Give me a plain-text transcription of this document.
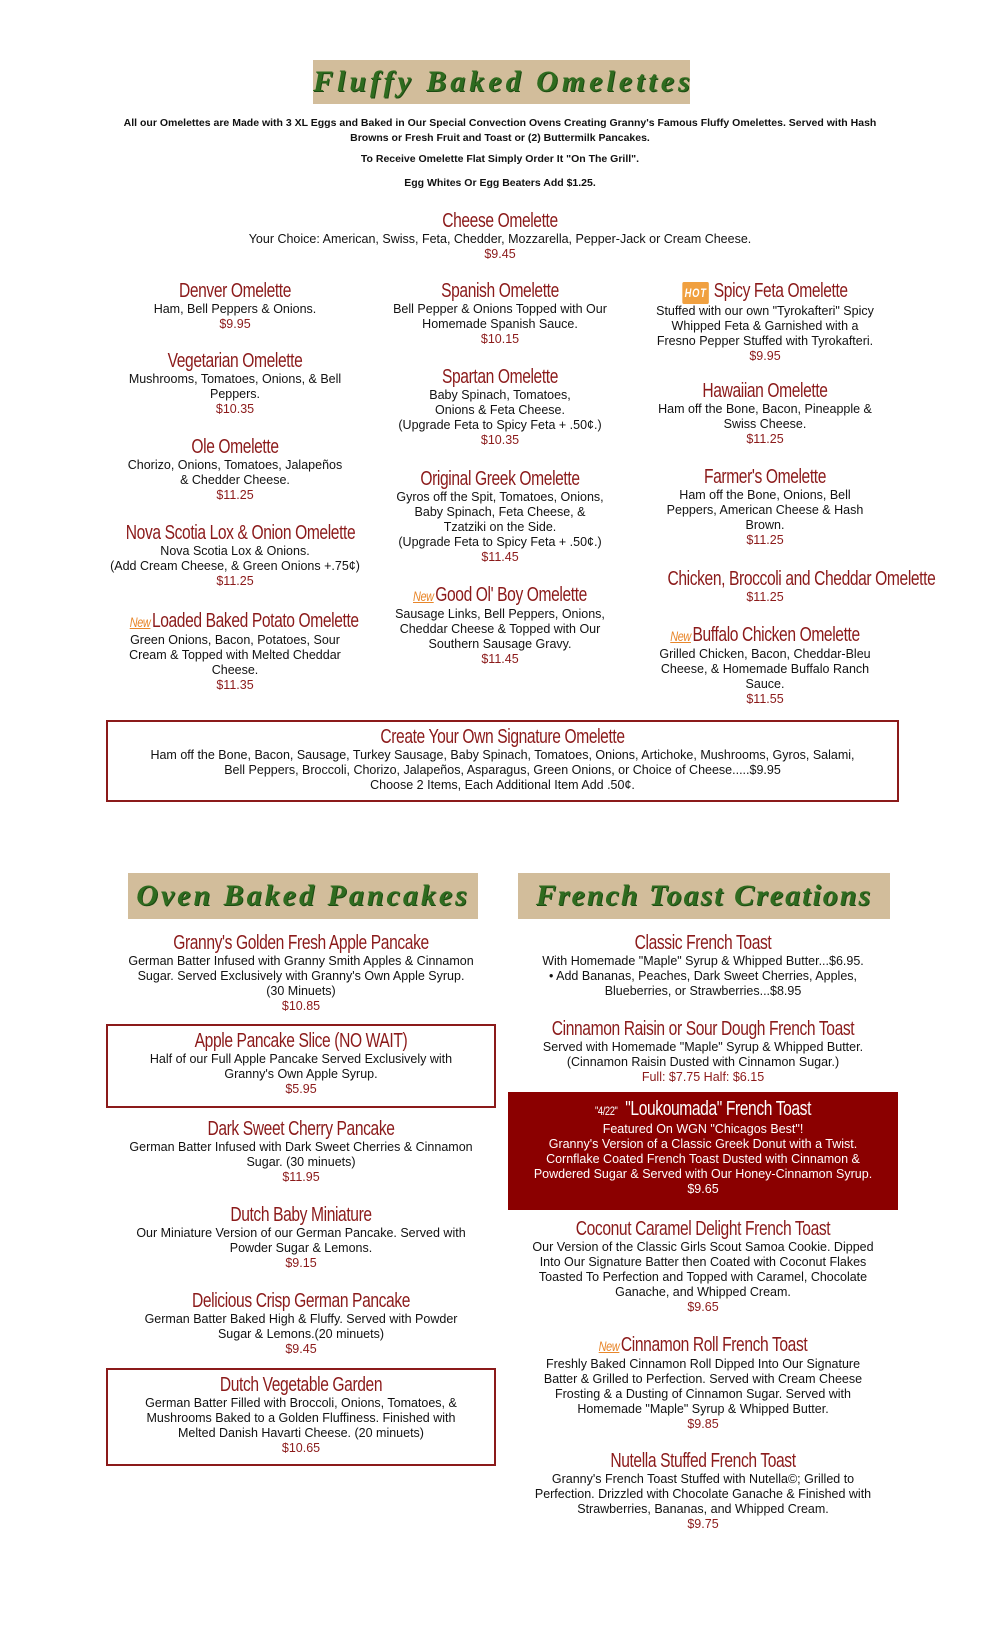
Fluffy Baked Omelettes
All our Omelettes are Made with 3 XL Eggs and Baked in Our Special Convection Ovens Creating Granny's Famous Fluffy Omelettes. Served with Hash Browns or Fresh Fruit and Toast or (2) Buttermilk Pancakes.
To Receive Omelette Flat Simply Order It "On The Grill".
Egg Whites Or Egg Beaters Add $1.25.
Cheese Omelette
Your Choice: American, Swiss, Feta, Chedder, Mozzarella, Pepper-Jack or Cream Cheese.
$9.45
Denver Omelette
Ham, Bell Peppers & Onions.
$9.95
Vegetarian Omelette
Mushrooms, Tomatoes, Onions, & Bell
Peppers.
$10.35
Ole Omelette
Chorizo, Onions, Tomatoes, Jalapeños
& Chedder Cheese.
$11.25
Nova Scotia Lox & Onion Omelette
Nova Scotia Lox & Onions.
(Add Cream Cheese, & Green Onions +.75¢)
$11.25
NewLoaded Baked Potato Omelette
Green Onions, Bacon, Potatoes, Sour
Cream & Topped with Melted Cheddar
Cheese.
$11.35
Spanish Omelette
Bell Pepper & Onions Topped with Our
Homemade Spanish Sauce.
$10.15
Spartan Omelette
Baby Spinach, Tomatoes,
Onions & Feta Cheese.
(Upgrade Feta to Spicy Feta + .50¢.)
$10.35
Original Greek Omelette
Gyros off the Spit, Tomatoes, Onions,
Baby Spinach, Feta Cheese, &
Tzatziki on the Side.
(Upgrade Feta to Spicy Feta + .50¢.)
$11.45
NewGood Ol' Boy Omelette
Sausage Links, Bell Peppers, Onions,
Cheddar Cheese & Topped with Our
Southern Sausage Gravy.
$11.45
HOT Spicy Feta Omelette
Stuffed with our own "Tyrokafteri" Spicy
Whipped Feta & Garnished with a
Fresno Pepper Stuffed with Tyrokafteri.
$9.95
Hawaiian Omelette
Ham off the Bone, Bacon, Pineapple &
Swiss Cheese.
$11.25
Farmer's Omelette
Ham off the Bone, Onions, Bell
Peppers, American Cheese & Hash
Brown.
$11.25
Chicken, Broccoli and Cheddar Omelette
$11.25
NewBuffalo Chicken Omelette
Grilled Chicken, Bacon, Cheddar-Bleu
Cheese, & Homemade Buffalo Ranch
Sauce.
$11.55
Create Your Own Signature Omelette
Ham off the Bone, Bacon, Sausage, Turkey Sausage, Baby Spinach, Tomatoes, Onions, Artichoke, Mushrooms, Gyros, Salami,
Bell Peppers, Broccoli, Chorizo, Jalapeños, Asparagus, Green Onions, or Choice of Cheese.....$9.95
Choose 2 Items, Each Additional Item Add .50¢.
Oven Baked Pancakes	French Toast Creations
Granny's Golden Fresh Apple Pancake
German Batter Infused with Granny Smith Apples & Cinnamon
Sugar. Served Exclusively with Granny's Own Apple Syrup.
(30 Minuets)
$10.85
Apple Pancake Slice (NO WAIT)
Half of our Full Apple Pancake Served Exclusively with
Granny's Own Apple Syrup.
$5.95
Dark Sweet Cherry Pancake
German Batter Infused with Dark Sweet Cherries & Cinnamon
Sugar. (30 minuets)
$11.95
Dutch Baby Miniature
Our Miniature Version of our German Pancake. Served with
Powder Sugar & Lemons.
$9.15
Delicious Crisp German Pancake
German Batter Baked High & Fluffy. Served with Powder
Sugar & Lemons.(20 minuets)
$9.45
Dutch Vegetable Garden
German Batter Filled with Broccoli, Onions, Tomatoes, &
Mushrooms Baked to a Golden Fluffiness. Finished with
Melted Danish Havarti Cheese. (20 minuets)
$10.65
Classic French Toast
With Homemade "Maple" Syrup & Whipped Butter...$6.95.
• Add Bananas, Peaches, Dark Sweet Cherries, Apples,
Blueberries, or Strawberries...$8.95
Cinnamon Raisin or Sour Dough French Toast
Served with Homemade "Maple" Syrup & Whipped Butter.
(Cinnamon Raisin Dusted with Cinnamon Sugar.)
Full: $7.75 Half: $6.15
"4/22" "Loukoumada" French Toast
Featured On WGN "Chicagos Best"!
Granny's Version of a Classic Greek Donut with a Twist.
Cornflake Coated French Toast Dusted with Cinnamon &
Powdered Sugar & Served with Our Honey-Cinnamon Syrup.
$9.65
Coconut Caramel Delight French Toast
Our Version of the Classic Girls Scout Samoa Cookie. Dipped
Into Our Signature Batter then Coated with Coconut Flakes
Toasted To Perfection and Topped with Caramel, Chocolate
Ganache, and Whipped Cream.
$9.65
NewCinnamon Roll French Toast
Freshly Baked Cinnamon Roll Dipped Into Our Signature
Batter & Grilled to Perfection. Served with Cream Cheese
Frosting & a Dusting of Cinnamon Sugar. Served with
Homemade "Maple" Syrup & Whipped Butter.
$9.85
Nutella Stuffed French Toast
Granny's French Toast Stuffed with Nutella©; Grilled to
Perfection. Drizzled with Chocolate Ganache & Finished with
Strawberries, Bananas, and Whipped Cream.
$9.75
